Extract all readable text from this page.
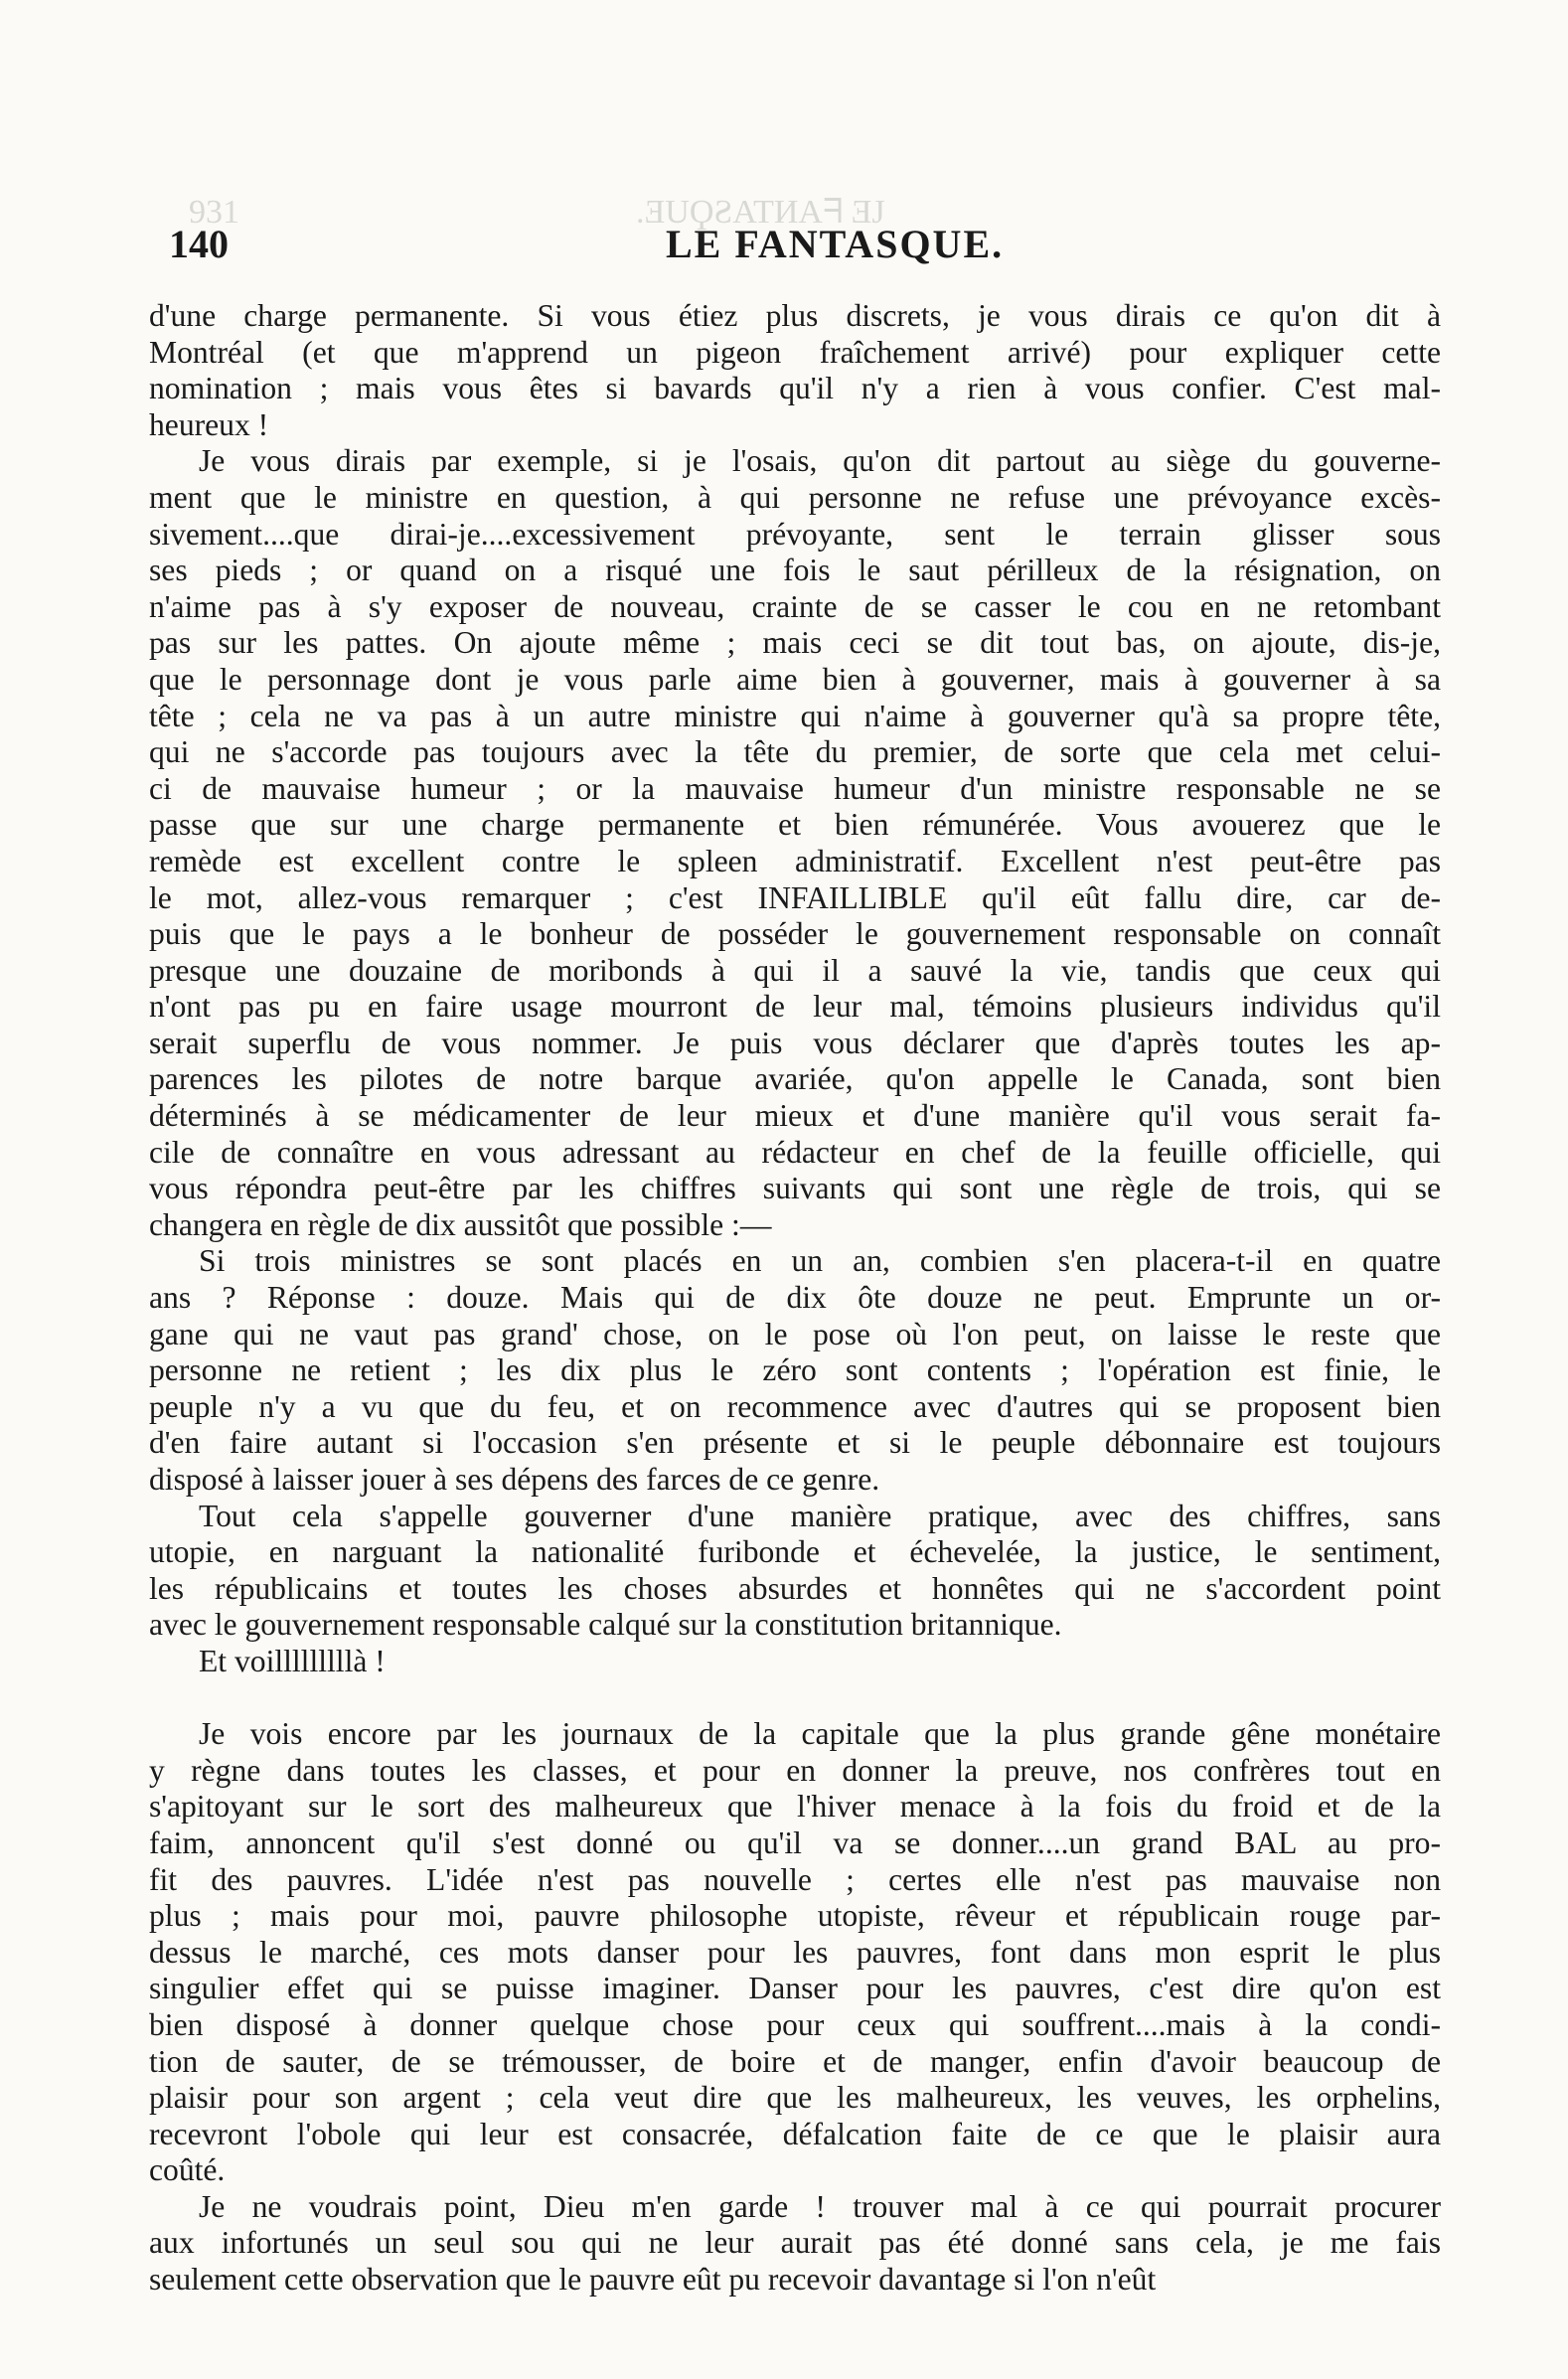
931	.ƎUϘƧATИAᖷ ƎJ
140	LE FANTASQUE.
d'une charge permanente. Si vous étiez plus discrets, je vous dirais ce qu'on dit à
Montréal (et que m'apprend un pigeon fraîchement arrivé) pour expliquer cette
nomination ; mais vous êtes si bavards qu'il n'y a rien à vous confier. C'est mal-
heureux !
Je vous dirais par exemple, si je l'osais, qu'on dit partout au siège du gouverne-
ment que le ministre en question, à qui personne ne refuse une prévoyance excès-
sivement....que dirai-je....excessivement prévoyante, sent le terrain glisser sous
ses pieds ; or quand on a risqué une fois le saut périlleux de la résignation, on
n'aime pas à s'y exposer de nouveau, crainte de se casser le cou en ne retombant
pas sur les pattes. On ajoute même ; mais ceci se dit tout bas, on ajoute, dis-je,
que le personnage dont je vous parle aime bien à gouverner, mais à gouverner à sa
tête ; cela ne va pas à un autre ministre qui n'aime à gouverner qu'à sa propre tête,
qui ne s'accorde pas toujours avec la tête du premier, de sorte que cela met celui-
ci de mauvaise humeur ; or la mauvaise humeur d'un ministre responsable ne se
passe que sur une charge permanente et bien rémunérée. Vous avouerez que le
remède est excellent contre le spleen administratif. Excellent n'est peut-être pas
le mot, allez-vous remarquer ; c'est INFAILLIBLE qu'il eût fallu dire, car de-
puis que le pays a le bonheur de posséder le gouvernement responsable on connaît
presque une douzaine de moribonds à qui il a sauvé la vie, tandis que ceux qui
n'ont pas pu en faire usage mourront de leur mal, témoins plusieurs individus qu'il
serait superflu de vous nommer. Je puis vous déclarer que d'après toutes les ap-
parences les pilotes de notre barque avariée, qu'on appelle le Canada, sont bien
déterminés à se médicamenter de leur mieux et d'une manière qu'il vous serait fa-
cile de connaître en vous adressant au rédacteur en chef de la feuille officielle, qui
vous répondra peut-être par les chiffres suivants qui sont une règle de trois, qui se
changera en règle de dix aussitôt que possible :—
Si trois ministres se sont placés en un an, combien s'en placera-t-il en quatre
ans ? Réponse : douze. Mais qui de dix ôte douze ne peut. Emprunte un or-
gane qui ne vaut pas grand' chose, on le pose où l'on peut, on laisse le reste que
personne ne retient ; les dix plus le zéro sont contents ; l'opération est finie, le
peuple n'y a vu que du feu, et on recommence avec d'autres qui se proposent bien
d'en faire autant si l'occasion s'en présente et si le peuple débonnaire est toujours
disposé à laisser jouer à ses dépens des farces de ce genre.
Tout cela s'appelle gouverner d'une manière pratique, avec des chiffres, sans
utopie, en narguant la nationalité furibonde et échevelée, la justice, le sentiment,
les républicains et toutes les choses absurdes et honnêtes qui ne s'accordent point
avec le gouvernement responsable calqué sur la constitution britannique.
Et voilllllllllà !
Je vois encore par les journaux de la capitale que la plus grande gêne monétaire
y règne dans toutes les classes, et pour en donner la preuve, nos confrères tout en
s'apitoyant sur le sort des malheureux que l'hiver menace à la fois du froid et de la
faim, annoncent qu'il s'est donné ou qu'il va se donner....un grand BAL au pro-
fit des pauvres. L'idée n'est pas nouvelle ; certes elle n'est pas mauvaise non
plus ; mais pour moi, pauvre philosophe utopiste, rêveur et républicain rouge par-
dessus le marché, ces mots danser pour les pauvres, font dans mon esprit le plus
singulier effet qui se puisse imaginer. Danser pour les pauvres, c'est dire qu'on est
bien disposé à donner quelque chose pour ceux qui souffrent....mais à la condi-
tion de sauter, de se trémousser, de boire et de manger, enfin d'avoir beaucoup de
plaisir pour son argent ; cela veut dire que les malheureux, les veuves, les orphelins,
recevront l'obole qui leur est consacrée, défalcation faite de ce que le plaisir aura
coûté.
Je ne voudrais point, Dieu m'en garde ! trouver mal à ce qui pourrait procurer
aux infortunés un seul sou qui ne leur aurait pas été donné sans cela, je me fais
seulement cette observation que le pauvre eût pu recevoir davantage si l'on n'eût
